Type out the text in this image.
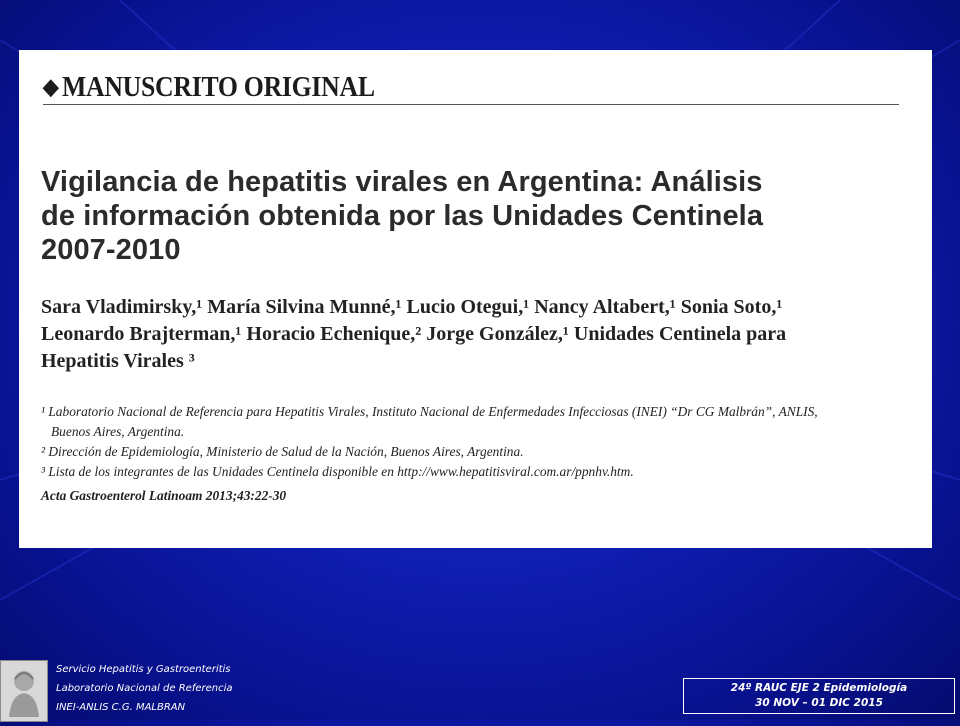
◆ MANUSCRITO ORIGINAL
Vigilancia de hepatitis virales en Argentina: Análisis
de información obtenida por las Unidades Centinela
2007-2010
Sara Vladimirsky,¹ María Silvina Munné,¹ Lucio Otegui,¹ Nancy Altabert,¹ Sonia Soto,¹
Leonardo Brajterman,¹ Horacio Echenique,² Jorge González,¹ Unidades Centinela para
Hepatitis Virales ³
¹ Laboratorio Nacional de Referencia para Hepatitis Virales, Instituto Nacional de Enfermedades Infecciosas (INEI) “Dr CG Malbrán”, ANLIS,
Buenos Aires, Argentina.
² Dirección de Epidemiología, Ministerio de Salud de la Nación, Buenos Aires, Argentina.
³ Lista de los integrantes de las Unidades Centinela disponible en http://www.hepatitisviral.com.ar/ppnhv.htm.
Acta Gastroenterol Latinoam 2013;43:22-30
Servicio Hepatitis y Gastroenteritis
Laboratorio Nacional de Referencia
INEI-ANLIS C.G. MALBRAN
24º RAUC EJE 2 Epidemiología
30 NOV – 01 DIC 2015
